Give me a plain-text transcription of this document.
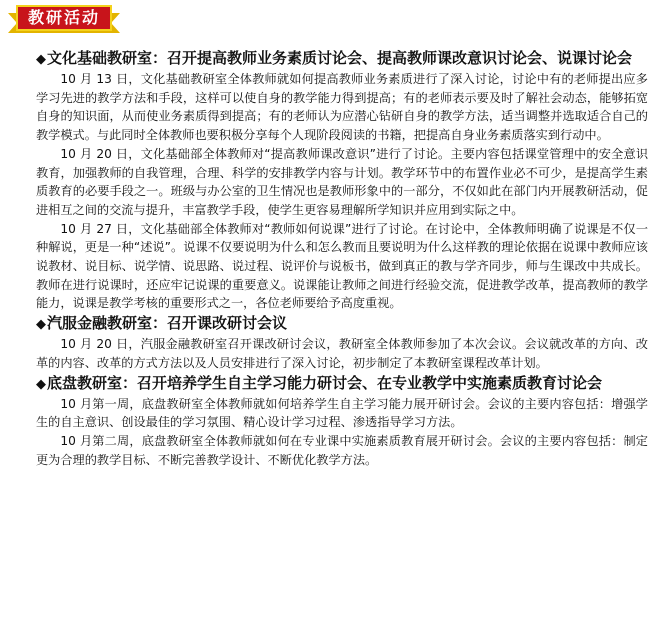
教研活动

◆文化基础教研室：召开提高教师业务素质讨论会、提高教师课改意识讨论会、说课讨论会

10 月 13 日，文化基础教研室全体教师就如何提高教师业务素质进行了深入讨论，讨论中有的老师提出应多学习先进的教学方法和手段，这样可以使自身的教学能力得到提高；有的老师表示要及时了解社会动态，能够拓宽自身的知识面，从而使业务素质得到提高；有的老师认为应潜心钻研自身的教学方法，适当调整并选取适合自己的教学模式。与此同时全体教师也要积极分享每个人现阶段阅读的书籍，把提高自身业务素质落实到行动中。

10 月 20 日，文化基础部全体教师对“提高教师课改意识”进行了讨论。主要内容包括课堂管理中的安全意识教育，加强教师的自我管理，合理、科学的安排教学内容与计划。教学环节中的布置作业必不可少，是提高学生素质教育的必要手段之一。班级与办公室的卫生情况也是教师形象中的一部分，不仅如此在部门内开展教研活动，促进相互之间的交流与提升，丰富教学手段，使学生更容易理解所学知识并应用到实际之中。

10 月 27 日，文化基础部全体教师对“教师如何说课”进行了讨论。在讨论中，全体教师明确了说课是不仅一种解说，更是一种“述说”。说课不仅要说明为什么和怎么教而且要说明为什么这样教的理论依据在说课中教师应该说教材、说目标、说学情、说思路、说过程、说评价与说板书，做到真正的教与学齐同步，师与生课改中共成长。教师在进行说课时，还应牢记说课的重要意义。说课能让教师之间进行经验交流，促进教学改革，提高教师的教学能力，说课是教学考核的重要形式之一，各位老师要给予高度重视。

◆汽服金融教研室：召开课改研讨会议

10 月 20 日，汽服金融教研室召开课改研讨会议，教研室全体教师参加了本次会议。会议就改革的方向、改革的内容、改革的方式方法以及人员安排进行了深入讨论，初步制定了本教研室课程改革计划。

◆底盘教研室：召开培养学生自主学习能力研讨会、在专业教学中实施素质教育讨论会

10 月第一周，底盘教研室全体教师就如何培养学生自主学习能力展开研讨会。会议的主要内容包括：增强学生的自主意识、创设最佳的学习氛围、精心设计学习过程、渗透指导学习方法。

10 月第二周，底盘教研室全体教师就如何在专业课中实施素质教育展开研讨会。会议的主要内容包括：制定更为合理的教学目标、不断完善教学设计、不断优化教学方法。
